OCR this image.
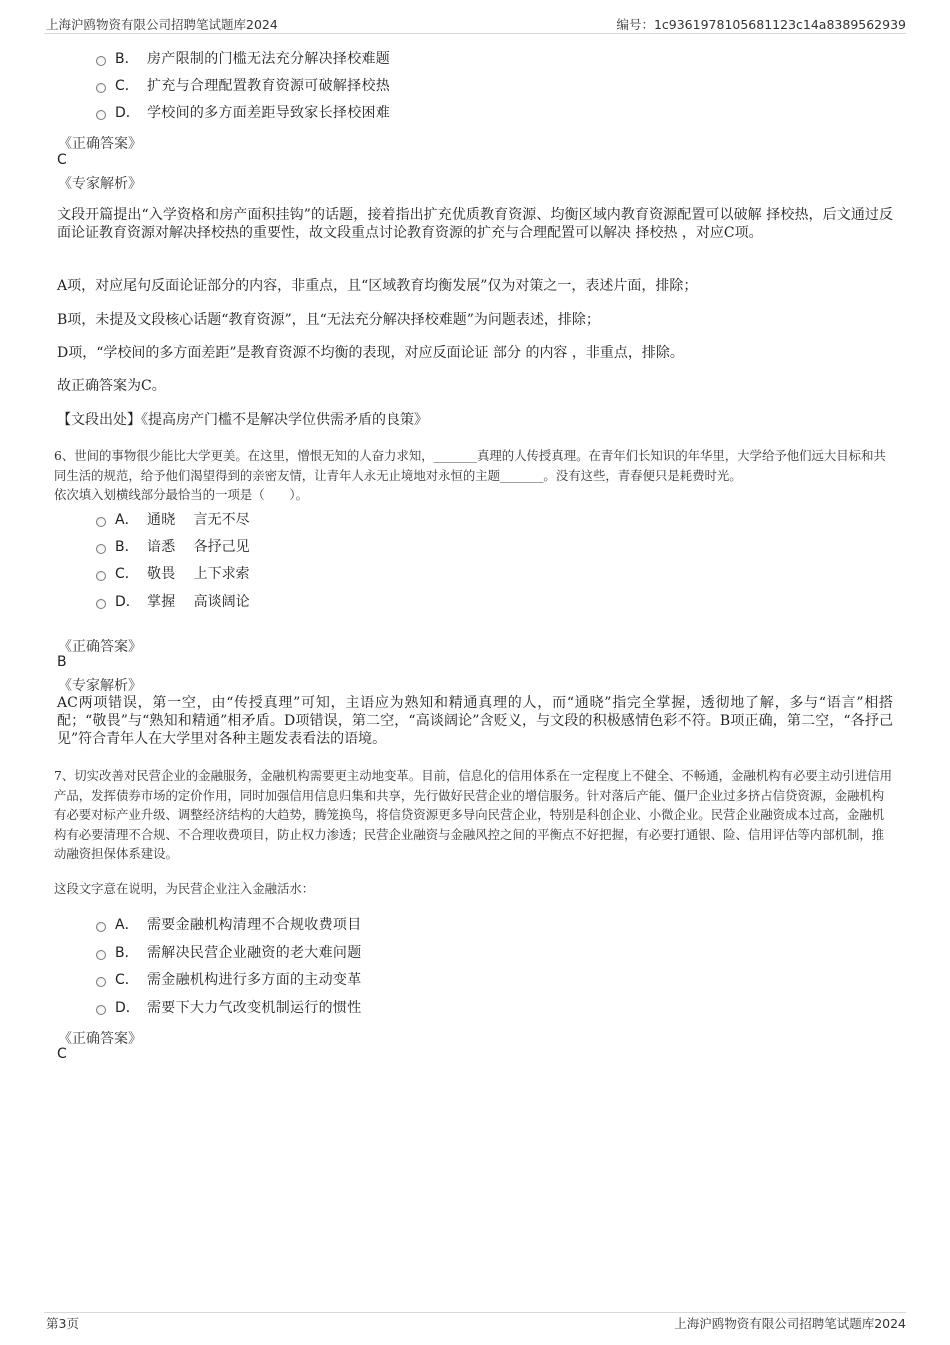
上海沪鸥物资有限公司招聘笔试题库2024	编号：1c9361978105681123c14a8389562939
B． 房产限制的门槛无法充分解决择校难题
C． 扩充与合理配置教育资源可破解择校热
D． 学校间的多方面差距导致家长择校困难
《正确答案》
C
《专家解析》
文段开篇提出“入学资格和房产面积挂钩”的话题，接着指出扩充优质教育资源、均衡区域内教育资源配置可以破解 择校热，后文通过反面论证教育资源对解决择校热的重要性，故文段重点讨论教育资源的扩充与合理配置可以解决 择校热 ，对应C项。
A项，对应尾句反面论证部分的内容，非重点，且“区域教育均衡发展”仅为对策之一，表述片面，排除；
B项，未提及文段核心话题“教育资源”，且“无法充分解决择校难题”为问题表述，排除；
D项，“学校间的多方面差距”是教育资源不均衡的表现，对应反面论证 部分 的内容 ，非重点，排除。
故正确答案为C。
【文段出处】《提高房产门槛不是解决学位供需矛盾的良策》
6、世间的事物很少能比大学更美。在这里，憎恨无知的人奋力求知，_______真理的人传授真理。在青年们长知识的年华里，大学给予他们远大目标和共同生活的规范，给予他们渴望得到的亲密友情，让青年人永无止境地对永恒的主题_______。没有这些，青春便只是耗费时光。
依次填入划横线部分最恰当的一项是（　　）。
A． 通晓 言无不尽
B． 谙悉 各抒己见
C． 敬畏 上下求索
D． 掌握 高谈阔论
《正确答案》
B
《专家解析》
AC两项错误，第一空，由“传授真理”可知，主语应为熟知和精通真理的人，而“通晓”指完全掌握，透彻地了解，多与“语言”相搭配；“敬畏”与“熟知和精通”相矛盾。D项错误，第二空，“高谈阔论”含贬义，与文段的积极感情色彩不符。B项正确，第二空，“各抒己见”符合青年人在大学里对各种主题发表看法的语境。
7、切实改善对民营企业的金融服务，金融机构需要更主动地变革。目前，信息化的信用体系在一定程度上不健全、不畅通，金融机构有必要主动引进信用产品，发挥债券市场的定价作用，同时加强信用信息归集和共享，先行做好民营企业的增信服务。针对落后产能、僵尸企业过多挤占信贷资源，金融机构有必要对标产业升级、调整经济结构的大趋势，腾笼换鸟，将信贷资源更多导向民营企业，特别是科创企业、小微企业。民营企业融资成本过高，金融机构有必要清理不合规、不合理收费项目，防止权力渗透；民营企业融资与金融风控之间的平衡点不好把握，有必要打通银、险、信用评估等内部机制，推动融资担保体系建设。
这段文字意在说明，为民营企业注入金融活水：
A． 需要金融机构清理不合规收费项目
B． 需解决民营企业融资的老大难问题
C． 需金融机构进行多方面的主动变革
D． 需要下大力气改变机制运行的惯性
《正确答案》
C
第3页	上海沪鸥物资有限公司招聘笔试题库2024
